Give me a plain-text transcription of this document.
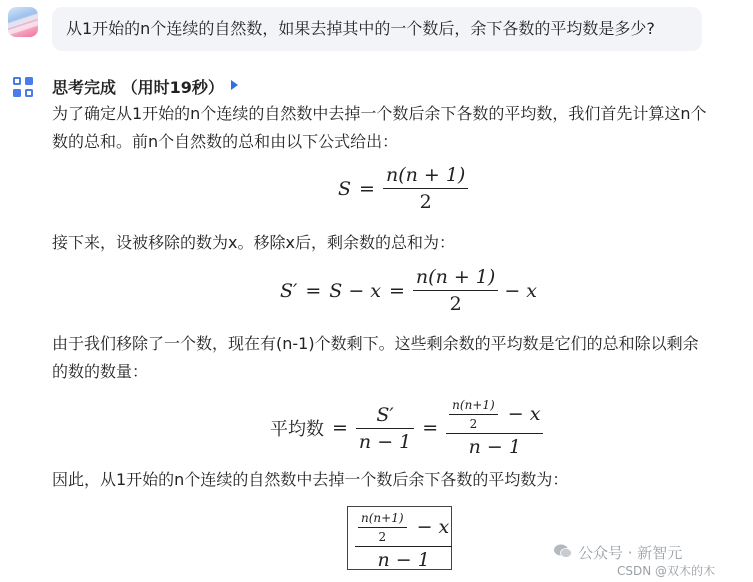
从1开始的n个连续的自然数，如果去掉其中的一个数后，余下各数的平均数是多少?
思考完成 （用时19秒）
为了确定从1开始的n个连续的自然数中去掉一个数后余下各数的平均数，我们首先计算这n个
数的总和。前n个自然数的总和由以下公式给出：
$S = \frac{n(n + 1)}{2}$
接下来，设被移除的数为x。移除x后，剩余数的总和为：
$S' = S - x = \frac{n(n + 1)}{2} - x$
由于我们移除了一个数，现在有(n-1)个数剩下。这些剩余数的平均数是它们的总和除以剩余
的数的数量：
平均数 = $\frac{S'}{n - 1} = \frac{\frac{n(n+1)}{2} - x}{n - 1}$
因此，从1开始的n个连续的自然数中去掉一个数后余下各数的平均数为：
$\frac{\frac{n(n+1)}{2} - x}{n - 1}$	公众号 · 新智元
CSDN @双木的木
